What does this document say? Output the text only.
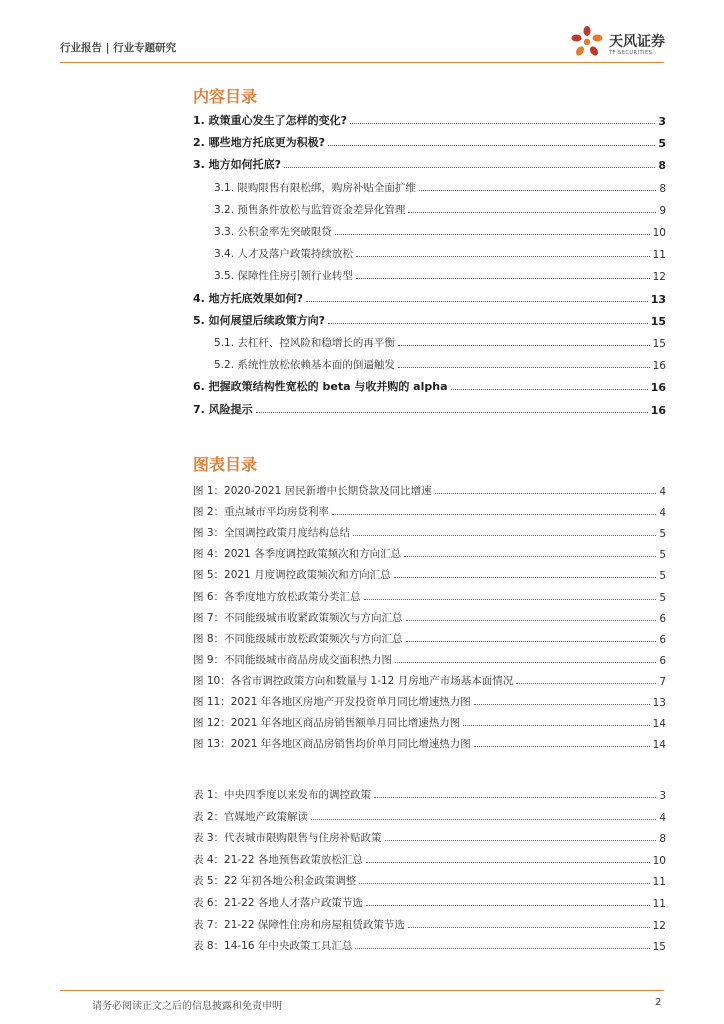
行业报告 | 行业专题研究	天风证券
TF SECURITIES
内容目录
1. 政策重心发生了怎样的变化?	3
2. 哪些地方托底更为积极?	5
3. 地方如何托底?	8
3.1. 限购限售有限松绑，购房补贴全面扩维	8
3.2. 预售条件放松与监管资金差异化管理	9
3.3. 公积金率先突破限贷	10
3.4. 人才及落户政策持续放松	11
3.5. 保障性住房引领行业转型	12
4. 地方托底效果如何?	13
5. 如何展望后续政策方向?	15
5.1. 去杠杆、控风险和稳增长的再平衡	15
5.2. 系统性放松依赖基本面的倒逼触发	16
6. 把握政策结构性宽松的 beta 与收并购的 alpha	16
7. 风险提示	16
图表目录
图 1：2020-2021 居民新增中长期贷款及同比增速	4
图 2：重点城市平均房贷利率	4
图 3：全国调控政策月度结构总结	5
图 4：2021 各季度调控政策频次和方向汇总	5
图 5：2021 月度调控政策频次和方向汇总	5
图 6：各季度地方放松政策分类汇总	5
图 7：不同能级城市收紧政策频次与方向汇总	6
图 8：不同能级城市放松政策频次与方向汇总	6
图 9：不同能级城市商品房成交面积热力图	6
图 10：各省市调控政策方向和数量与 1-12 月房地产市场基本面情况	7
图 11：2021 年各地区房地产开发投资单月同比增速热力图	13
图 12：2021 年各地区商品房销售额单月同比增速热力图	14
图 13：2021 年各地区商品房销售均价单月同比增速热力图	14
表 1：中央四季度以来发布的调控政策	3
表 2：官媒地产政策解读	4
表 3：代表城市限购限售与住房补贴政策	8
表 4：21-22 各地预售政策放松汇总	10
表 5：22 年初各地公积金政策调整	11
表 6：21-22 各地人才落户政策节选	11
表 7：21-22 保障性住房和房屋租赁政策节选	12
表 8：14-16 年中央政策工具汇总	15
请务必阅读正文之后的信息披露和免责申明	2
